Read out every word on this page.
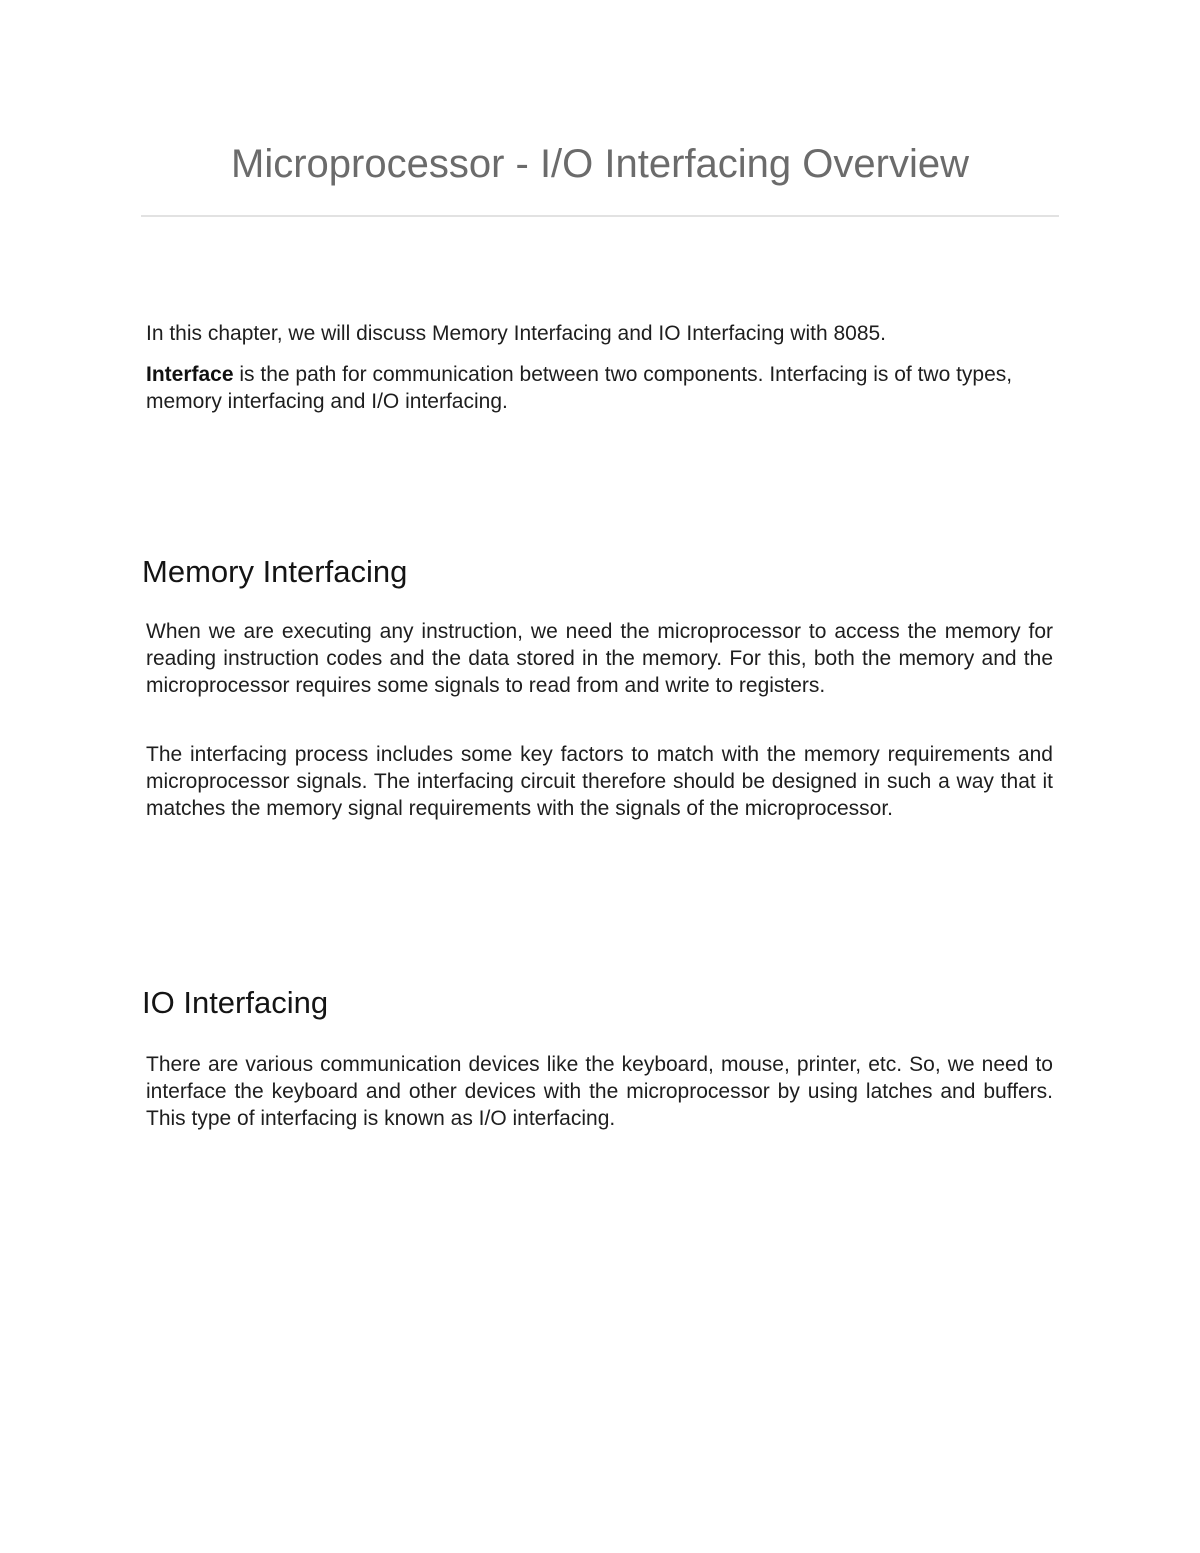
Microprocessor - I/O Interfacing Overview

In this chapter, we will discuss Memory Interfacing and IO Interfacing with 8085.

Interface is the path for communication between two components. Interfacing is of two types, memory interfacing and I/O interfacing.

Memory Interfacing

When we are executing any instruction, we need the microprocessor to access the memory for reading instruction codes and the data stored in the memory. For this, both the memory and the microprocessor requires some signals to read from and write to registers.

The interfacing process includes some key factors to match with the memory requirements and microprocessor signals. The interfacing circuit therefore should be designed in such a way that it matches the memory signal requirements with the signals of the microprocessor.

IO Interfacing

There are various communication devices like the keyboard, mouse, printer, etc. So, we need to interface the keyboard and other devices with the microprocessor by using latches and buffers. This type of interfacing is known as I/O interfacing.
